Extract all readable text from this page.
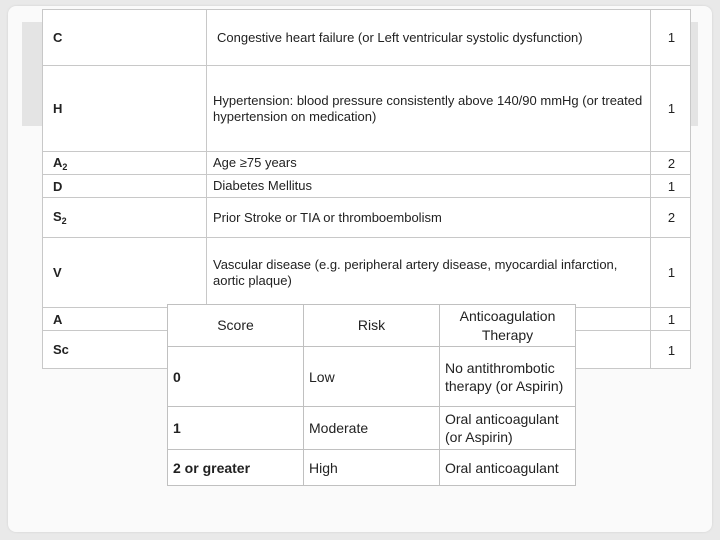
C	Congestive heart failure (or Left ventricular systolic dysfunction)	1
H	Hypertension: blood pressure consistently above 140/90 mmHg (or treated hypertension on medication)	1
$A_2$	Age ≥75 years	2
D	Diabetes Mellitus	1
$S_2$	Prior Stroke or TIA or thromboembolism	2
V	Vascular disease (e.g. peripheral artery disease, myocardial infarction, aortic plaque)	1
A		1
Sc		1
Score	Risk	Anticoagulation Therapy
0	Low	No antithrombotic therapy (or Aspirin)
1	Moderate	Oral anticoagulant (or Aspirin)
2 or greater	High	Oral anticoagulant
